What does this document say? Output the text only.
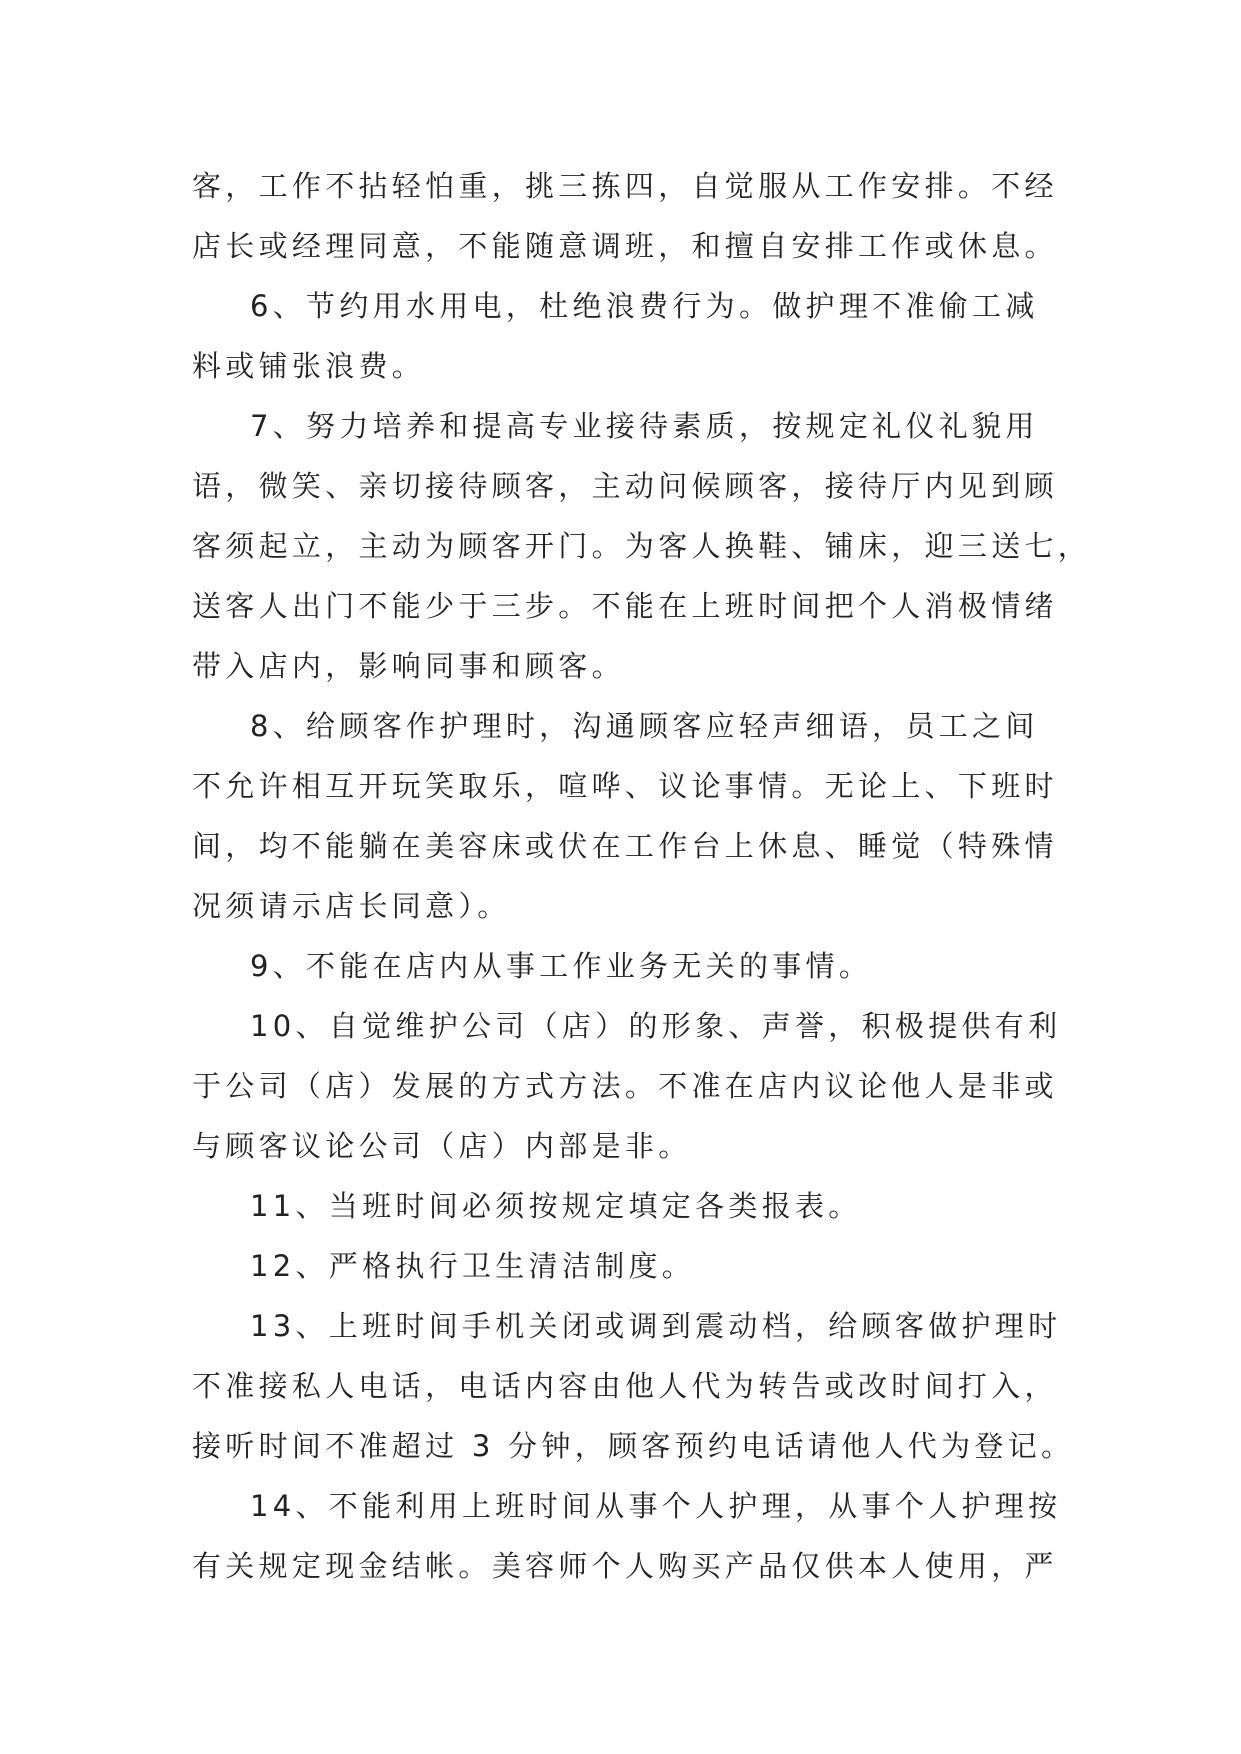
客，工作不拈轻怕重，挑三拣四，自觉服从工作安排。不经
店长或经理同意，不能随意调班，和擅自安排工作或休息。
6、节约用水用电，杜绝浪费行为。做护理不准偷工减
料或铺张浪费。
7、努力培养和提高专业接待素质，按规定礼仪礼貌用
语，微笑、亲切接待顾客，主动问候顾客，接待厅内见到顾
客须起立，主动为顾客开门。为客人换鞋、铺床，迎三送七，
送客人出门不能少于三步。不能在上班时间把个人消极情绪
带入店内，影响同事和顾客。
8、给顾客作护理时，沟通顾客应轻声细语，员工之间
不允许相互开玩笑取乐，喧哗、议论事情。无论上、下班时
间，均不能躺在美容床或伏在工作台上休息、睡觉（特殊情
况须请示店长同意）。
9、不能在店内从事工作业务无关的事情。
10、自觉维护公司（店）的形象、声誉，积极提供有利
于公司（店）发展的方式方法。不准在店内议论他人是非或
与顾客议论公司（店）内部是非。
11、当班时间必须按规定填定各类报表。
12、严格执行卫生清洁制度。
13、上班时间手机关闭或调到震动档，给顾客做护理时
不准接私人电话，电话内容由他人代为转告或改时间打入，
接听时间不准超过 3 分钟，顾客预约电话请他人代为登记。
14、不能利用上班时间从事个人护理，从事个人护理按
有关规定现金结帐。美容师个人购买产品仅供本人使用，严
